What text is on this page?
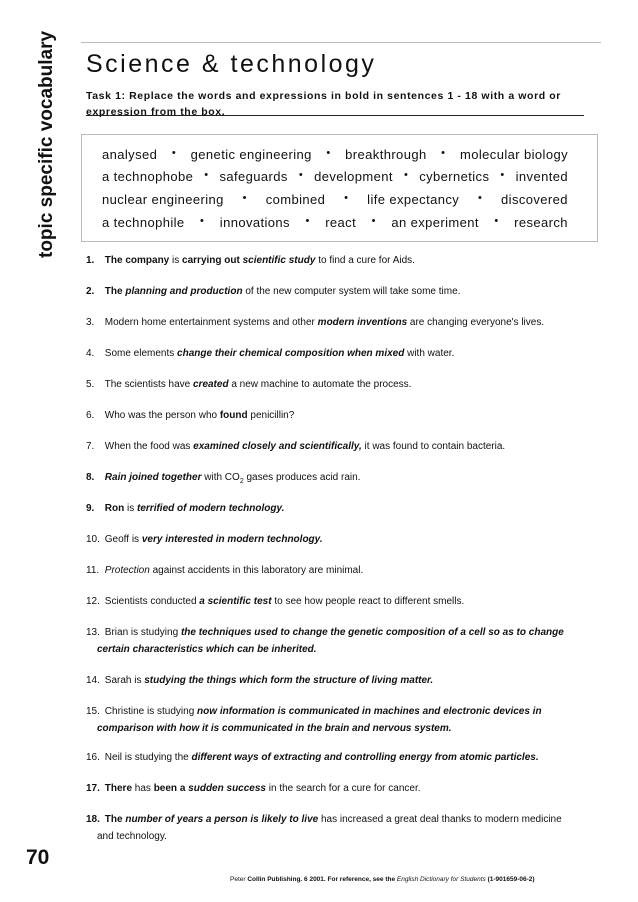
topic specific vocabulary
70
Science & technology
Task 1: Replace the words and expressions in bold in sentences 1 - 18 with a word or expression from the box.
analysed • genetic engineering • breakthrough • molecular biology
a technophobe • safeguards • development • cybernetics • invented
nuclear engineering • combined • life expectancy • discovered
a technophile • innovations • react • an experiment • research
1. The company is carrying out scientific study to find a cure for Aids.
2. The planning and production of the new computer system will take some time.
3. Modern home entertainment systems and other modern inventions are changing everyone's lives.
4. Some elements change their chemical composition when mixed with water.
5. The scientists have created a new machine to automate the process.
6. Who was the person who found penicillin?
7. When the food was examined closely and scientifically, it was found to contain bacteria.
8. Rain joined together with $CO_2$ gases produces acid rain.
9. Ron is terrified of modern technology.
10. Geoff is very interested in modern technology.
11. Protection against accidents in this laboratory are minimal.
12. Scientists conducted a scientific test to see how people react to different smells.
13. Brian is studying the techniques used to change the genetic composition of a cell so as to change
certain characteristics which can be inherited.
14. Sarah is studying the things which form the structure of living matter.
15. Christine is studying now information is communicated in machines and electronic devices in
comparison with how it is communicated in the brain and nervous system.
16. Neil is studying the different ways of extracting and controlling energy from atomic particles.
17. There has been a sudden success in the search for a cure for cancer.
18. The number of years a person is likely to live has increased a great deal thanks to modern medicine
and technology.
Peter Collin Publishing. 6 2001. For reference, see the English Dictionary for Students (1-901659-06-2)
